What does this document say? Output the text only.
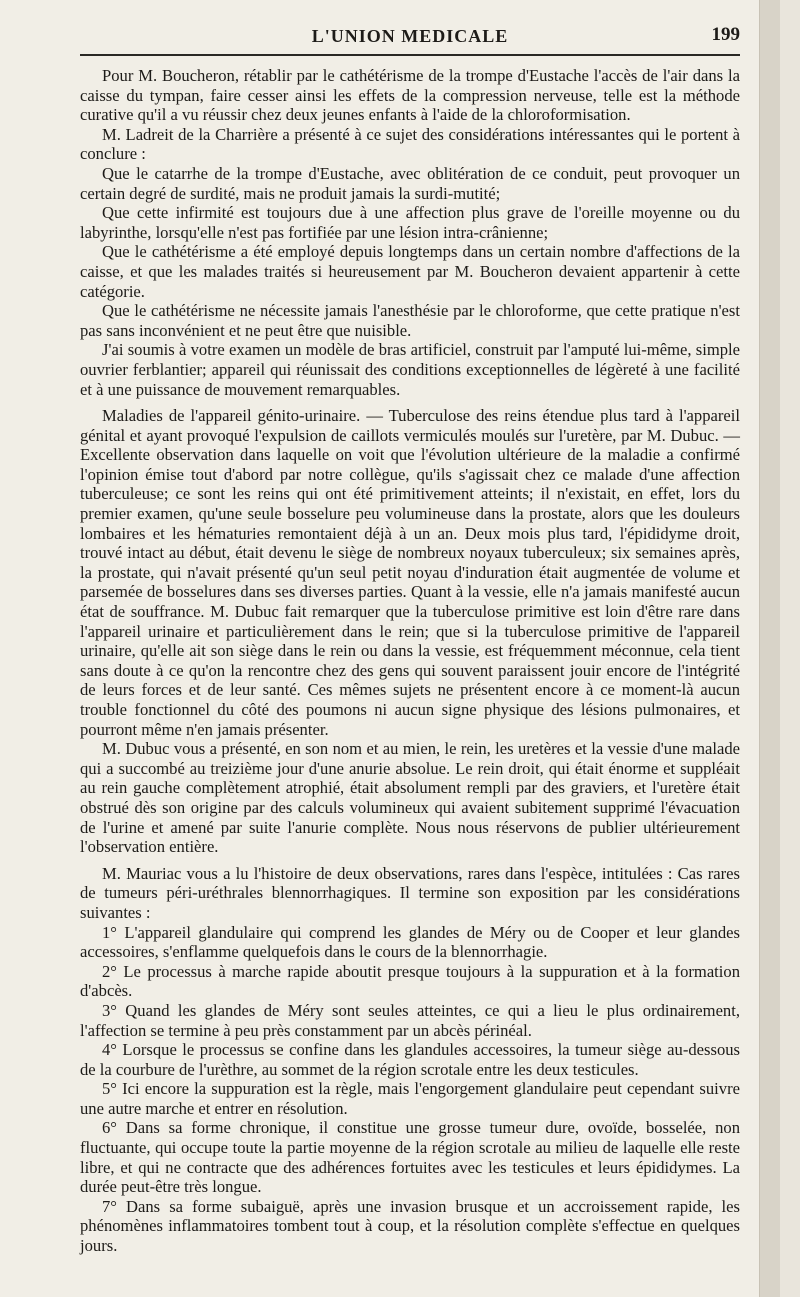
L'UNION MEDICALE	199

Pour M. Boucheron, rétablir par le cathétérisme de la trompe d'Eustache l'accès de l'air dans la caisse du tympan, faire cesser ainsi les effets de la compression nerveuse, telle est la méthode curative qu'il a vu réussir chez deux jeunes enfants à l'aide de la chloroformisation.

M. Ladreit de la Charrière a présenté à ce sujet des considérations intéressantes qui le portent à conclure :

Que le catarrhe de la trompe d'Eustache, avec oblitération de ce conduit, peut provoquer un certain degré de surdité, mais ne produit jamais la surdi-mutité;

Que cette infirmité est toujours due à une affection plus grave de l'oreille moyenne ou du labyrinthe, lorsqu'elle n'est pas fortifiée par une lésion intra-crânienne;

Que le cathétérisme a été employé depuis longtemps dans un certain nombre d'affections de la caisse, et que les malades traités si heureusement par M. Boucheron devaient appartenir à cette catégorie.

Que le cathétérisme ne nécessite jamais l'anesthésie par le chloroforme, que cette pratique n'est pas sans inconvénient et ne peut être que nuisible.

J'ai soumis à votre examen un modèle de bras artificiel, construit par l'amputé lui-même, simple ouvrier ferblantier; appareil qui réunissait des conditions exceptionnelles de légèreté à une facilité et à une puissance de mouvement remarquables.

Maladies de l'appareil génito-urinaire. — Tuberculose des reins étendue plus tard à l'appareil génital et ayant provoqué l'expulsion de caillots vermiculés moulés sur l'uretère, par M. Dubuc. — Excellente observation dans laquelle on voit que l'évolution ultérieure de la maladie a confirmé l'opinion émise tout d'abord par notre collègue, qu'ils s'agissait chez ce malade d'une affection tuberculeuse; ce sont les reins qui ont été primitivement atteints; il n'existait, en effet, lors du premier examen, qu'une seule bosselure peu volumineuse dans la prostate, alors que les douleurs lombaires et les hématuries remontaient déjà à un an. Deux mois plus tard, l'épididyme droit, trouvé intact au début, était devenu le siège de nombreux noyaux tuberculeux; six semaines après, la prostate, qui n'avait présenté qu'un seul petit noyau d'induration était augmentée de volume et parsemée de bosselures dans ses diverses parties. Quant à la vessie, elle n'a jamais manifesté aucun état de souffrance. M. Dubuc fait remarquer que la tuberculose primitive est loin d'être rare dans l'appareil urinaire et particulièrement dans le rein; que si la tuberculose primitive de l'appareil urinaire, qu'elle ait son siège dans le rein ou dans la vessie, est fréquemment méconnue, cela tient sans doute à ce qu'on la rencontre chez des gens qui souvent paraissent jouir encore de l'intégrité de leurs forces et de leur santé. Ces mêmes sujets ne présentent encore à ce moment-là aucun trouble fonctionnel du côté des poumons ni aucun signe physique des lésions pulmonaires, et pourront même n'en jamais présenter.

M. Dubuc vous a présenté, en son nom et au mien, le rein, les uretères et la vessie d'une malade qui a succombé au treizième jour d'une anurie absolue. Le rein droit, qui était énorme et suppléait au rein gauche complètement atrophié, était absolument rempli par des graviers, et l'uretère était obstrué dès son origine par des calculs volumineux qui avaient subitement supprimé l'évacuation de l'urine et amené par suite l'anurie complète. Nous nous réservons de publier ultérieurement l'observation entière.

M. Mauriac vous a lu l'histoire de deux observations, rares dans l'espèce, intitulées : Cas rares de tumeurs péri-uréthrales blennorrhagiques. Il termine son exposition par les considérations suivantes :

1° L'appareil glandulaire qui comprend les glandes de Méry ou de Cooper et leur glandes accessoires, s'enflamme quelquefois dans le cours de la blennorrhagie.

2° Le processus à marche rapide aboutit presque toujours à la suppuration et à la formation d'abcès.

3° Quand les glandes de Méry sont seules atteintes, ce qui a lieu le plus ordinairement, l'affection se termine à peu près constamment par un abcès périnéal.

4° Lorsque le processus se confine dans les glandules accessoires, la tumeur siège au-dessous de la courbure de l'urèthre, au sommet de la région scrotale entre les deux testicules.

5° Ici encore la suppuration est la règle, mais l'engorgement glandulaire peut cependant suivre une autre marche et entrer en résolution.

6° Dans sa forme chronique, il constitue une grosse tumeur dure, ovoïde, bosselée, non fluctuante, qui occupe toute la partie moyenne de la région scrotale au milieu de laquelle elle reste libre, et qui ne contracte que des adhérences fortuites avec les testicules et leurs épididymes. La durée peut-être très longue.

7° Dans sa forme subaiguë, après une invasion brusque et un accroissement rapide, les phénomènes inflammatoires tombent tout à coup, et la résolution complète s'effectue en quelques jours.
